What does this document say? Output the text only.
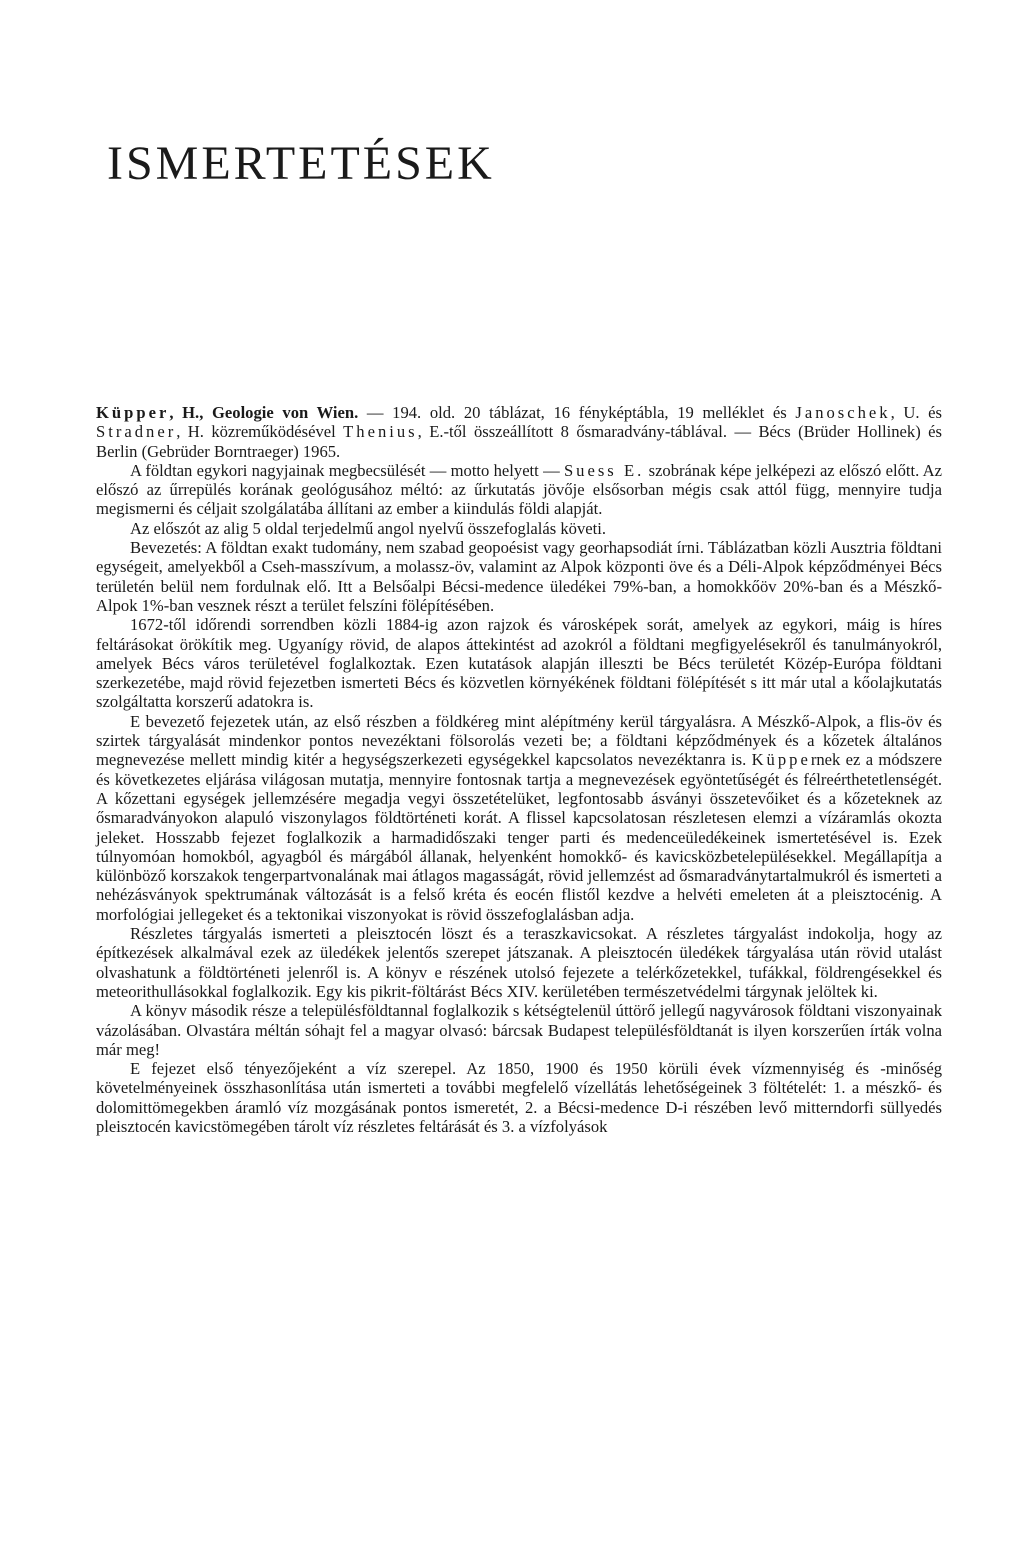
ISMERTETÉSEK

Küpper, H., Geologie von Wien. — 194. old. 20 táblázat, 16 fényképtábla, 19 melléklet és Janoschek, U. és Stradner, H. közreműködésével Thenius, E.-től összeállított 8 ősmaradvány-táblával. — Bécs (Brüder Hollinek) és Berlin (Gebrüder Borntraeger) 1965.

A földtan egykori nagyjainak megbecsülését — motto helyett — Suess E. szobrának képe jelképezi az előszó előtt. Az előszó az űrrepülés korának geológusához méltó: az űrkutatás jövője elsősorban mégis csak attól függ, mennyire tudja megismerni és céljait szolgálatába állítani az ember a kiindulás földi alapját.

Az előszót az alig 5 oldal terjedelmű angol nyelvű összefoglalás követi.

Bevezetés: A földtan exakt tudomány, nem szabad geopoésist vagy georhapsodiát írni. Táblázatban közli Ausztria földtani egységeit, amelyekből a Cseh-masszívum, a molassz-öv, valamint az Alpok központi öve és a Déli-Alpok képződményei Bécs területén belül nem fordulnak elő. Itt a Belsőalpi Bécsi-medence üledékei 79%-ban, a homokkőöv 20%-ban és a Mészkő-Alpok 1%-ban vesznek részt a terület felszíni fölépítésében.

1672-től időrendi sorrendben közli 1884-ig azon rajzok és városképek sorát, amelyek az egykori, máig is híres feltárásokat örökítik meg. Ugyanígy rövid, de alapos áttekintést ad azokról a földtani megfigyelésekről és tanulmányokról, amelyek Bécs város területével foglalkoztak. Ezen kutatások alapján illeszti be Bécs területét Közép-Európa földtani szerkezetébe, majd rövid fejezetben ismerteti Bécs és közvetlen környékének földtani fölépítését s itt már utal a kőolajkutatás szolgáltatta korszerű adatokra is.

E bevezető fejezetek után, az első részben a földkéreg mint alépítmény kerül tárgyalásra. A Mészkő-Alpok, a flis-öv és szirtek tárgyalását mindenkor pontos nevezéktani fölsorolás vezeti be; a földtani képződmények és a kőzetek általános megnevezése mellett mindig kitér a hegységszerkezeti egységekkel kapcsolatos nevezéktanra is. Küppernek ez a módszere és következetes eljárása világosan mutatja, mennyire fontosnak tartja a megnevezések egyöntetűségét és félreérthetetlenségét. A kőzettani egységek jellemzésére megadja vegyi összetételüket, legfontosabb ásványi összetevőiket és a kőzeteknek az ősmaradványokon alapuló viszonylagos földtörténeti korát. A flissel kapcsolatosan részletesen elemzi a vízáramlás okozta jeleket. Hosszabb fejezet foglalkozik a harmadidőszaki tenger parti és medenceüledékeinek ismertetésével is. Ezek túlnyomóan homokból, agyagból és márgából állanak, helyenként homokkő- és kavicsközbetelepülésekkel. Megállapítja a különböző korszakok tengerpartvonalának mai átlagos magasságát, rövid jellemzést ad ősmaradványtartalmukról és ismerteti a nehézásványok spektrumának változását is a felső kréta és eocén flistől kezdve a helvéti emeleten át a pleisztocénig. A morfológiai jellegeket és a tektonikai viszonyokat is rövid összefoglalásban adja.

Részletes tárgyalás ismerteti a pleisztocén löszt és a teraszkavicsokat. A részletes tárgyalást indokolja, hogy az építkezések alkalmával ezek az üledékek jelentős szerepet játszanak. A pleisztocén üledékek tárgyalása után rövid utalást olvashatunk a földtörténeti jelenről is. A könyv e részének utolsó fejezete a telérkőzetekkel, tufákkal, földrengésekkel és meteorithullásokkal foglalkozik. Egy kis pikrit-föltárást Bécs XIV. kerületében természetvédelmi tárgynak jelöltek ki.

A könyv második része a településföldtannal foglalkozik s kétségtelenül úttörő jellegű nagyvárosok földtani viszonyainak vázolásában. Olvastára méltán sóhajt fel a magyar olvasó: bárcsak Budapest településföldtanát is ilyen korszerűen írták volna már meg!

E fejezet első tényezőjeként a víz szerepel. Az 1850, 1900 és 1950 körüli évek vízmennyiség és -minőség követelményeinek összhasonlítása után ismerteti a további megfelelő vízellátás lehetőségeinek 3 föltételét: 1. a mészkő- és dolomittömegekben áramló víz mozgásának pontos ismeretét, 2. a Bécsi-medence D-i részében levő mitterndorfi süllyedés pleisztocén kavicstömegében tárolt víz részletes feltárását és 3. a vízfolyások
